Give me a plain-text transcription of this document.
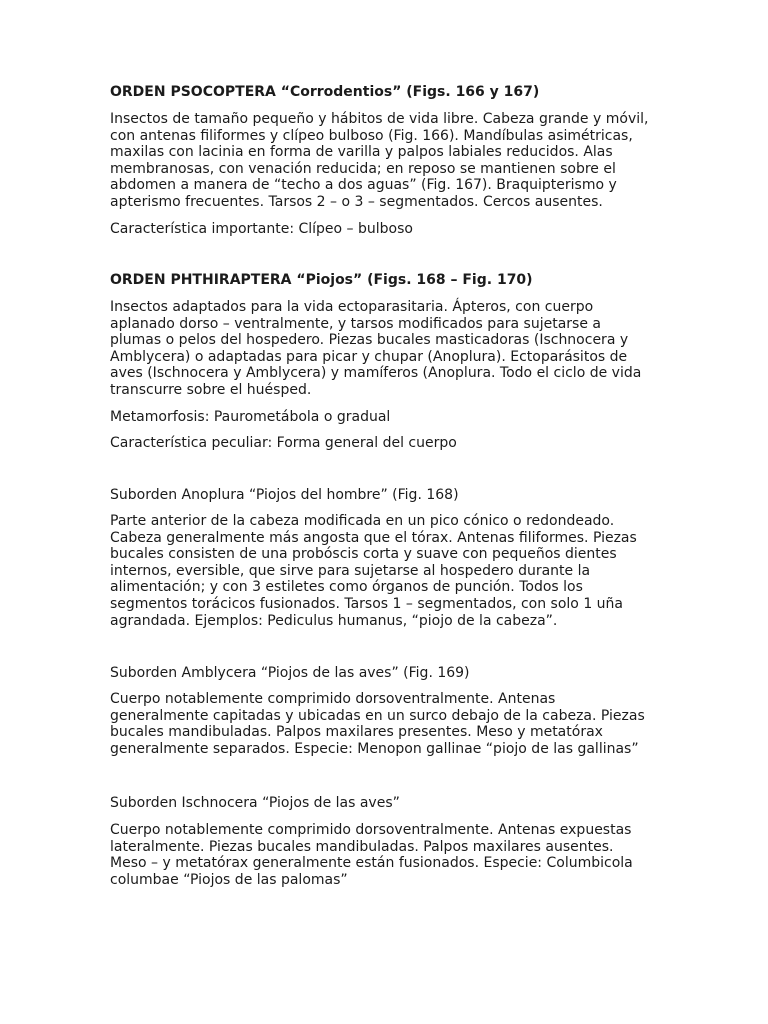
ORDEN PSOCOPTERA “Corrodentios” (Figs. 166 y 167)

Insectos de tamaño pequeño y hábitos de vida libre. Cabeza grande y móvil,
con antenas filiformes y clípeo bulboso (Fig. 166). Mandíbulas asimétricas,
maxilas con lacinia en forma de varilla y palpos labiales reducidos. Alas
membranosas, con venación reducida; en reposo se mantienen sobre el
abdomen a manera de “techo a dos aguas” (Fig. 167). Braquipterismo y
apterismo frecuentes. Tarsos 2 – o 3 – segmentados. Cercos ausentes.
Característica importante: Clípeo – bulboso

ORDEN PHTHIRAPTERA “Piojos” (Figs. 168 – Fig. 170)

Insectos adaptados para la vida ectoparasitaria. Ápteros, con cuerpo
aplanado dorso – ventralmente, y tarsos modificados para sujetarse a
plumas o pelos del hospedero. Piezas bucales masticadoras (Ischnocera y
Amblycera) o adaptadas para picar y chupar (Anoplura). Ectoparásitos de
aves (Ischnocera y Amblycera) y mamíferos (Anoplura. Todo el ciclo de vida
transcurre sobre el huésped.
Metamorfosis: Paurometábola o gradual
Característica peculiar: Forma general del cuerpo
Suborden Anoplura “Piojos del hombre” (Fig. 168)
Parte anterior de la cabeza modificada en un pico cónico o redondeado.
Cabeza generalmente más angosta que el tórax. Antenas filiformes. Piezas
bucales consisten de una probóscis corta y suave con pequeños dientes
internos, eversible, que sirve para sujetarse al hospedero durante la
alimentación; y con 3 estiletes como órganos de punción. Todos los
segmentos torácicos fusionados. Tarsos 1 – segmentados, con solo 1 uña
agrandada. Ejemplos: Pediculus humanus, “piojo de la cabeza”.
Suborden Amblycera “Piojos de las aves” (Fig. 169)
Cuerpo notablemente comprimido dorsoventralmente. Antenas
generalmente capitadas y ubicadas en un surco debajo de la cabeza. Piezas
bucales mandibuladas. Palpos maxilares presentes. Meso y metatórax
generalmente separados. Especie: Menopon gallinae “piojo de las gallinas”
Suborden Ischnocera “Piojos de las aves”
Cuerpo notablemente comprimido dorsoventralmente. Antenas expuestas
lateralmente. Piezas bucales mandibuladas. Palpos maxilares ausentes.
Meso – y metatórax generalmente están fusionados. Especie: Columbicola
columbae “Piojos de las palomas”
